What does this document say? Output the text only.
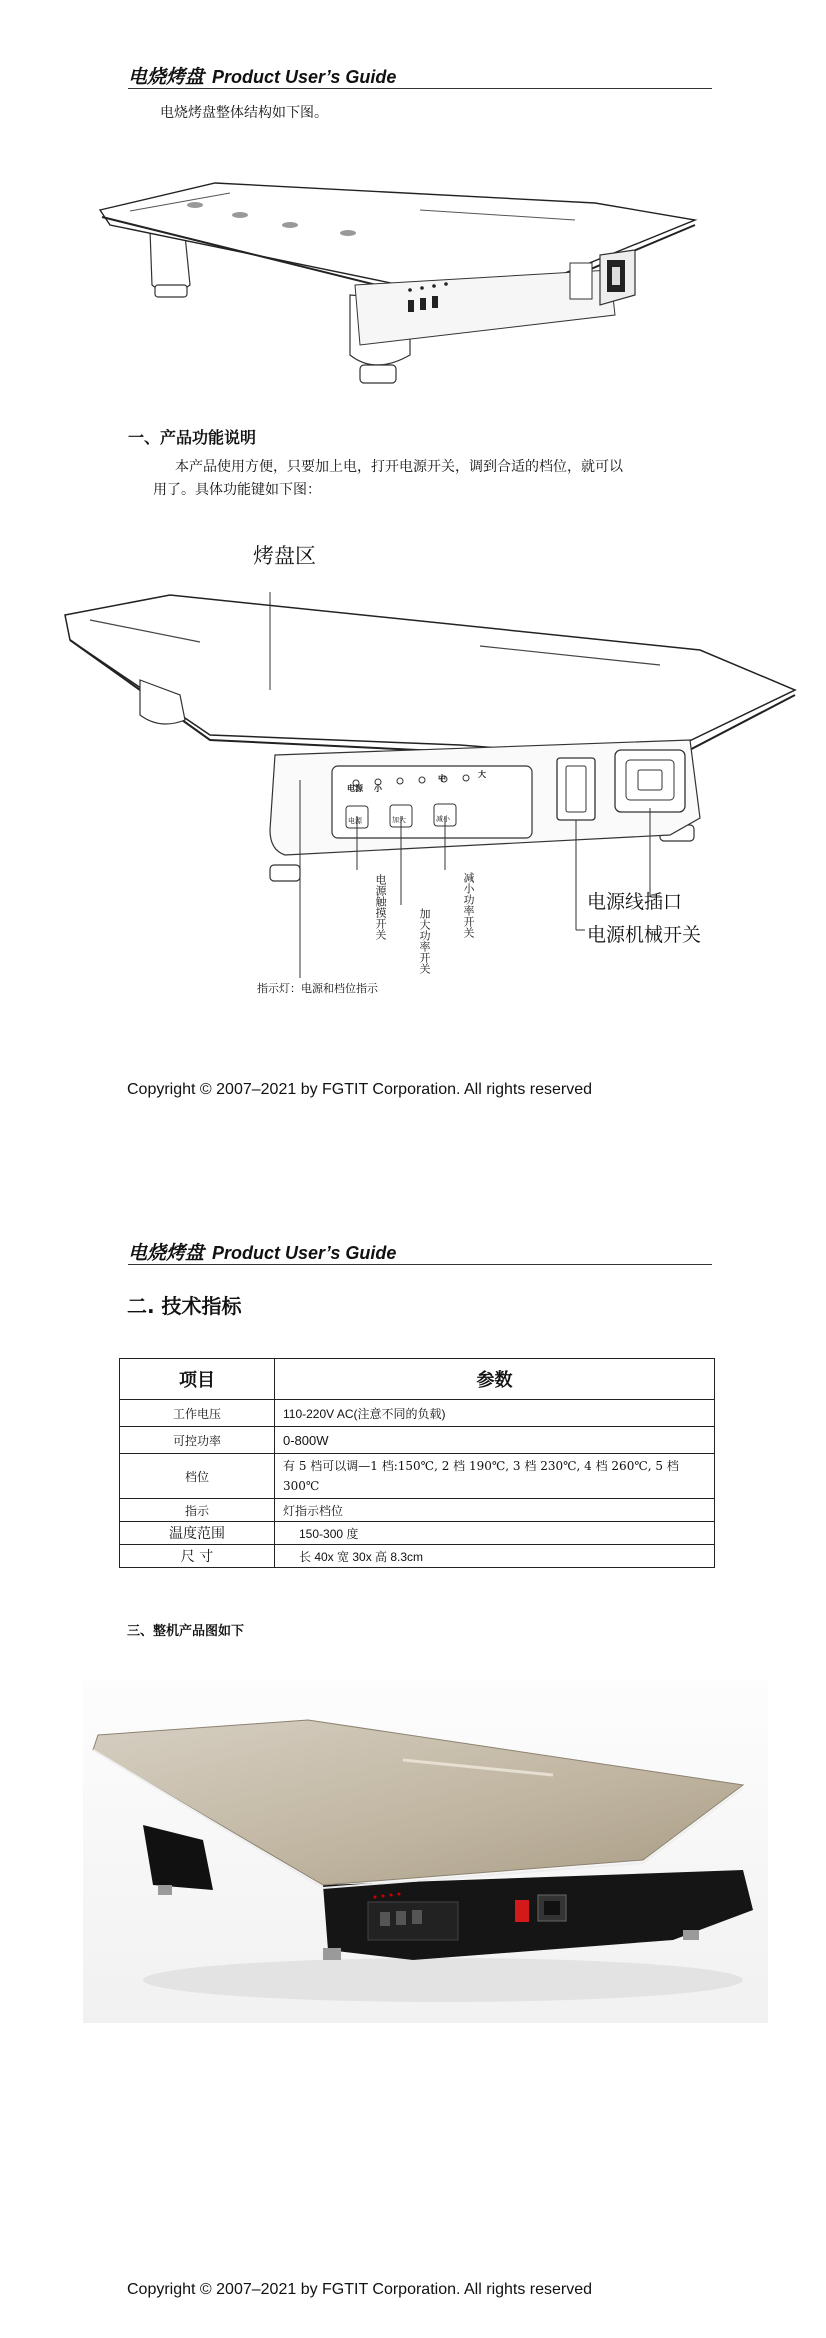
电烧烤盘 Product User’s Guide
电烧烤盘整体结构如下图。
一、产品功能说明
本产品使用方便，只要加上电，打开电源开关，调到合适的档位，就可以
用了。具体功能键如下图：
烤盘区
电源 小
中	大
电源	加大	减小
电源线插口
电源机械开关
电源触摸开关
加大功率开关
减小功率开关
指示灯：电源和档位指示
Copyright © 2007–2021 by FGTIT Corporation. All rights reserved
电烧烤盘 Product User’s Guide
二. 技术指标
项目	参数
工作电压	110-220V AC(注意不同的负载)
可控功率	0-800W
档位	有 5 档可以调—1 档:150℃, 2 档 190℃, 3 档 230℃, 4 档 260℃, 5 档 300℃
指示	灯指示档位
温度范围	150-300 度
尺 寸	长 40x 宽 30x 高 8.3cm
三、整机产品图如下
Copyright © 2007–2021 by FGTIT Corporation. All rights reserved
